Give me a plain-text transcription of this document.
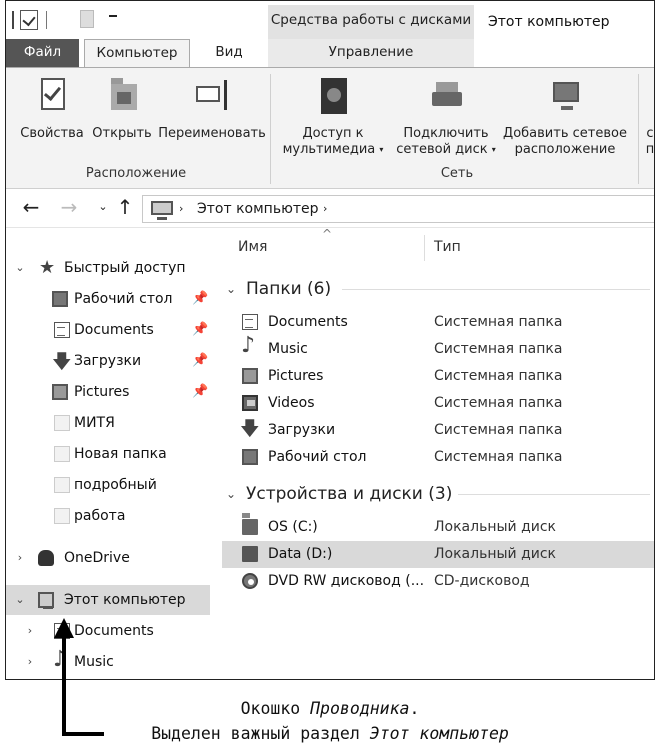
Средства работы с дисками Этот компьютер
Файл	Компьютер	Вид	Управление
Свойства Открыть Переименовать	Доступ к
мультимедиа ▾
Подключить
сетевой диск ▾
Добавить сетевое
расположение
с
п
Расположение	Сеть
← →	⌄ ↑	› Этот компьютер ›
⌄ ★	Быстрый доступ
Рабочий стол 📌
Documents	📌
🡇
Загрузки	📌
Pictures	📌
МИТЯ
Новая папка
подробный
работа
›	OneDrive
⌄	Этот компьютер
›	Documents
› ♪	Music
^
Имя	Тип
⌄ Папки (6)
Documents	Системная папка
♪
Music	Системная папка
Pictures	Системная папка
Videos	Системная папка
🡇
Загрузки	Системная папка
Рабочий стол	Системная папка
⌄ Устройства и диски (3)
OS (C:)	Локальный диск
Data (D:)	Локальный диск
DVD RW дисковод (... CD-дисковод
Окошко Проводника.
Выделен важный раздел Этот компьютер
